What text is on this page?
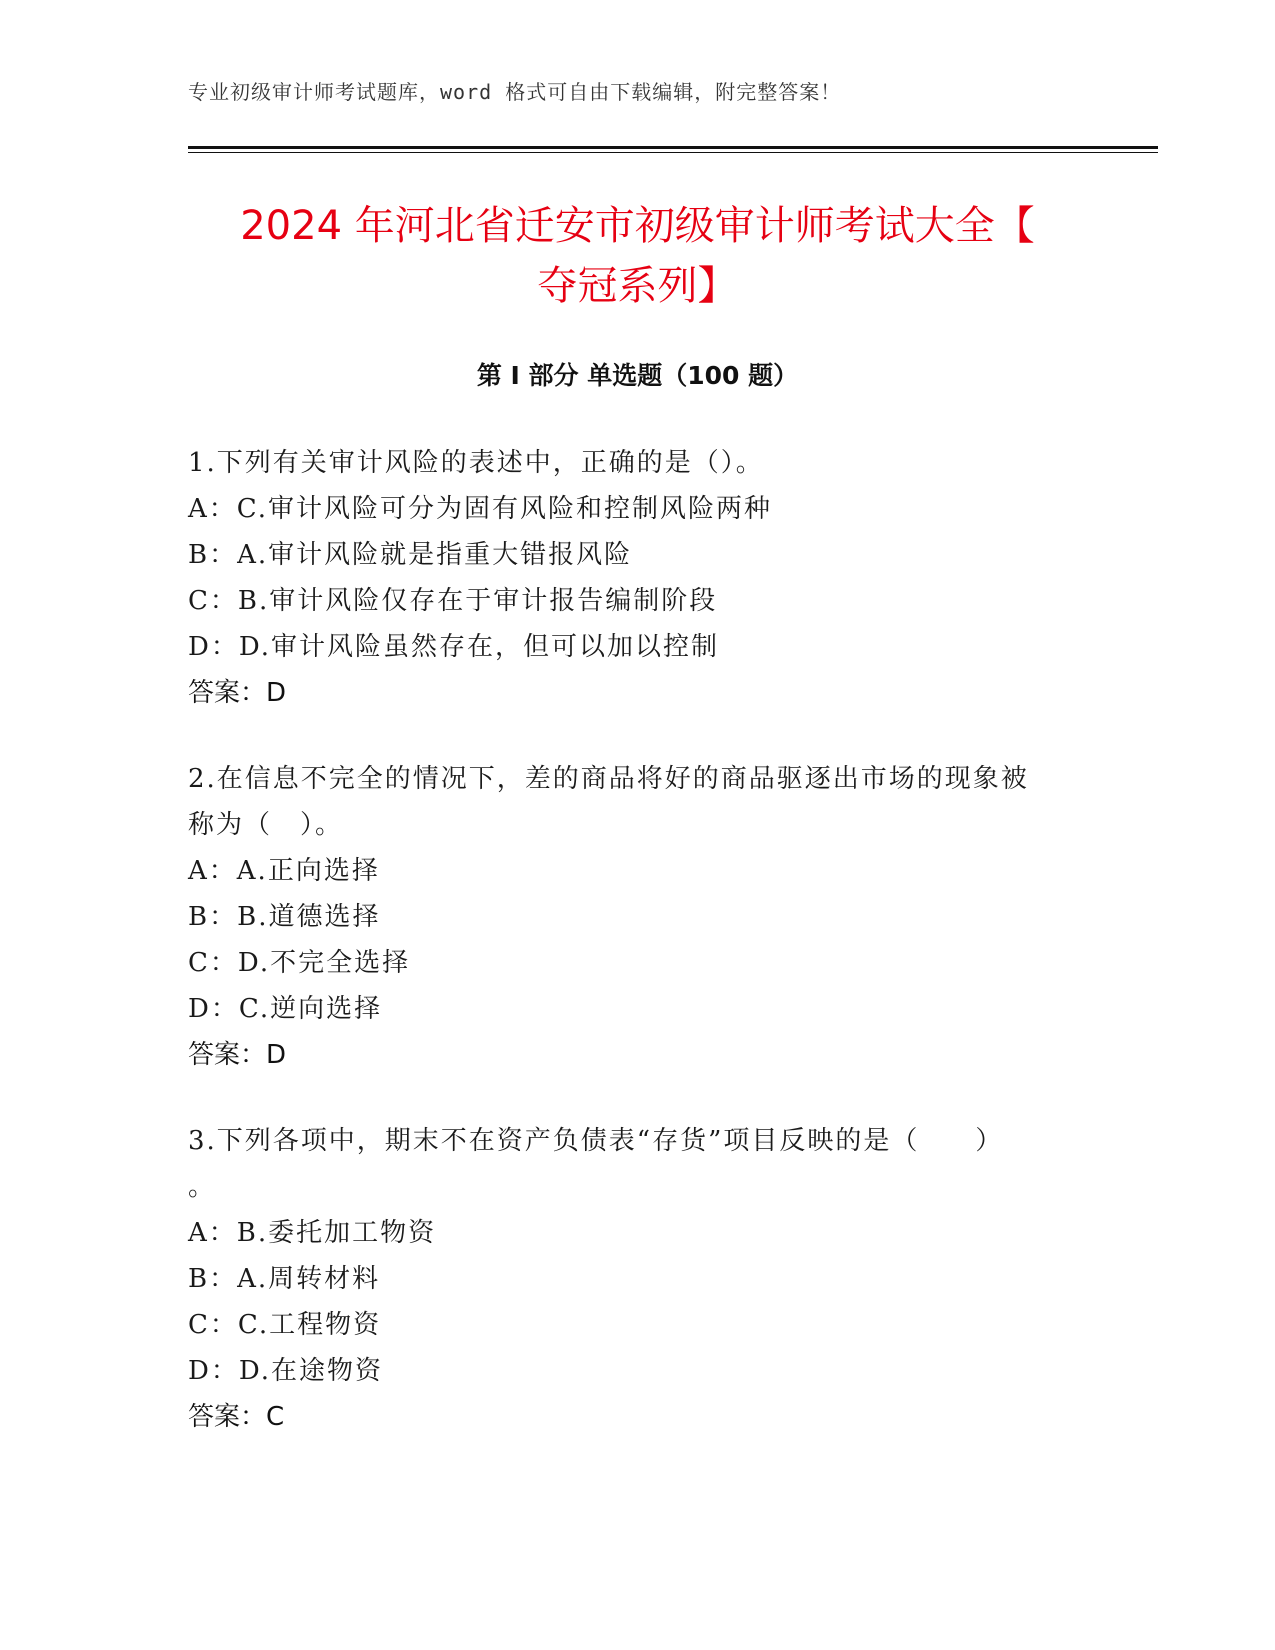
专业初级审计师考试题库，word 格式可自由下载编辑，附完整答案！
2024 年河北省迁安市初级审计师考试大全【
夺冠系列】
第 I 部分 单选题（100 题）

1.下列有关审计风险的表述中，正确的是（）。

A：C.审计风险可分为固有风险和控制风险两种

B：A.审计风险就是指重大错报风险

C：B.审计风险仅存在于审计报告编制阶段

D：D.审计风险虽然存在，但可以加以控制

答案：D

2.在信息不完全的情况下，差的商品将好的商品驱逐出市场的现象被

称为（　）。

A：A.正向选择

B：B.道德选择

C：D.不完全选择

D：C.逆向选择

答案：D

3.下列各项中，期末不在资产负债表“存货”项目反映的是（　　）

。

A：B.委托加工物资

B：A.周转材料

C：C.工程物资

D：D.在途物资

答案：C
